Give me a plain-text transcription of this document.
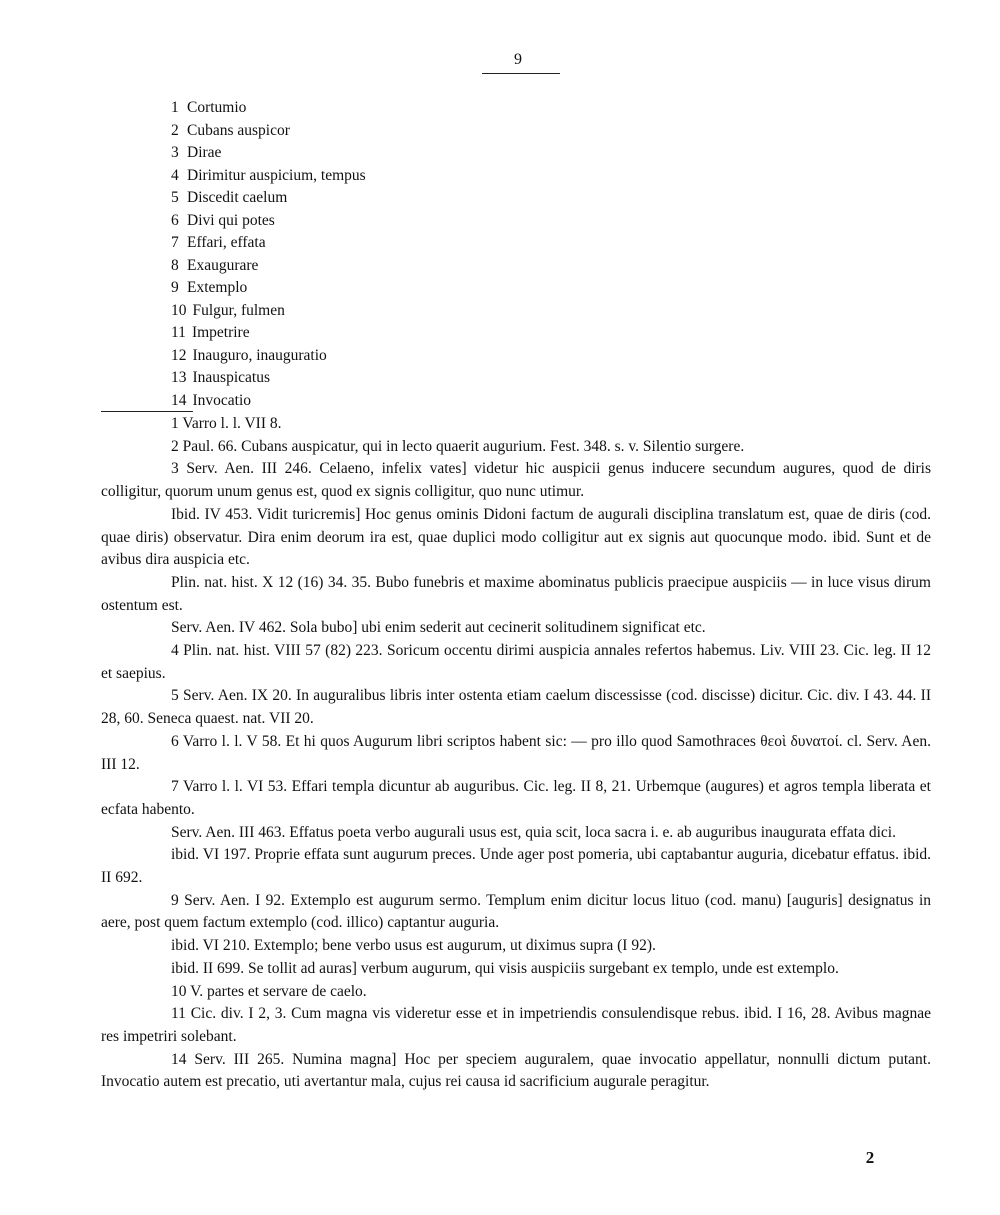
9
1 Cortumio
2 Cubans auspicor
3 Dirae
4 Dirimitur auspicium, tempus
5 Discedit caelum
6 Divi qui potes
7 Effari, effata
8 Exaugurare
9 Extemplo
10 Fulgur, fulmen
11 Impetrire
12 Inauguro, inauguratio
13 Inauspicatus
14 Invocatio

1 Varro l. l. VII 8.

2 Paul. 66. Cubans auspicatur, qui in lecto quaerit augurium. Fest. 348. s. v. Silentio surgere.

3 Serv. Aen. III 246. Celaeno, infelix vates] videtur hic auspicii genus inducere secundum augures, quod de diris colligitur, quorum unum genus est, quod ex signis colligitur, quo nunc utimur.

Ibid. IV 453. Vidit turicremis] Hoc genus ominis Didoni factum de augurali disciplina translatum est, quae de diris (cod. quae diris) observatur. Dira enim deorum ira est, quae duplici modo colligitur aut ex signis aut quocunque modo. ibid. Sunt et de avibus dira auspicia etc.

Plin. nat. hist. X 12 (16) 34. 35. Bubo funebris et maxime abominatus publicis praecipue auspiciis — in luce visus dirum ostentum est.

Serv. Aen. IV 462. Sola bubo] ubi enim sederit aut cecinerit solitudinem significat etc.

4 Plin. nat. hist. VIII 57 (82) 223. Soricum occentu dirimi auspicia annales refertos habemus. Liv. VIII 23. Cic. leg. II 12 et saepius.

5 Serv. Aen. IX 20. In auguralibus libris inter ostenta etiam caelum discessisse (cod. discisse) dicitur. Cic. div. I 43. 44. II 28, 60. Seneca quaest. nat. VII 20.

6 Varro l. l. V 58. Et hi quos Augurum libri scriptos habent sic: — pro illo quod Samothraces θεοὶ δυνατοί. cl. Serv. Aen. III 12.

7 Varro l. l. VI 53. Effari templa dicuntur ab auguribus. Cic. leg. II 8, 21. Urbemque (augures) et agros templa liberata et ecfata habento.

Serv. Aen. III 463. Effatus poeta verbo augurali usus est, quia scit, loca sacra i. e. ab auguribus inaugurata effata dici.

ibid. VI 197. Proprie effata sunt augurum preces. Unde ager post pomeria, ubi captabantur auguria, dicebatur effatus. ibid. II 692.

9 Serv. Aen. I 92. Extemplo est augurum sermo. Templum enim dicitur locus lituo (cod. manu) [auguris] designatus in aere, post quem factum extemplo (cod. illico) captantur auguria.

ibid. VI 210. Extemplo; bene verbo usus est augurum, ut diximus supra (I 92).

ibid. II 699. Se tollit ad auras] verbum augurum, qui visis auspiciis surgebant ex templo, unde est extemplo.

10 V. partes et servare de caelo.

11 Cic. div. I 2, 3. Cum magna vis videretur esse et in impetriendis consulendisque rebus. ibid. I 16, 28. Avibus magnae res impetriri solebant.

14 Serv. III 265. Numina magna] Hoc per speciem auguralem, quae invocatio appellatur, nonnulli dictum putant. Invocatio autem est precatio, uti avertantur mala, cujus rei causa id sacrificium augurale peragitur.

2
